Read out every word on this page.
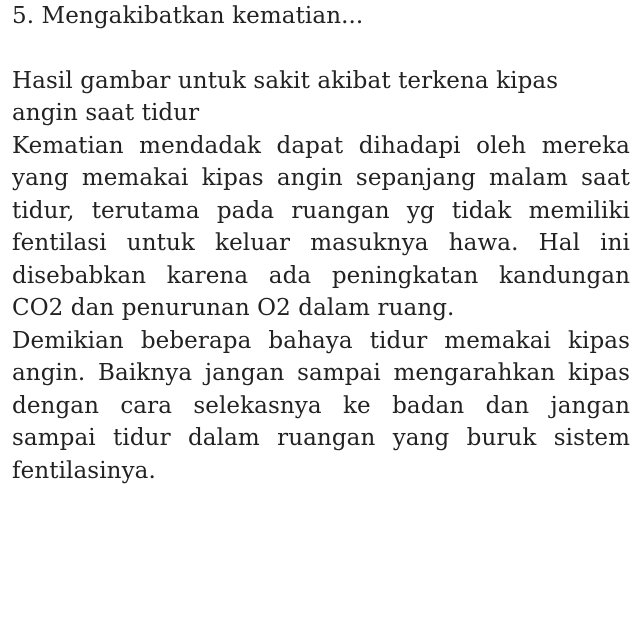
5. Mengakibatkan kematian...

Hasil gambar untuk sakit akibat terkena kipas angin saat tidur

Kematian mendadak dapat dihadapi oleh mereka yang memakai kipas angin sepanjang malam saat tidur, terutama pada ruangan yg tidak memiliki fentilasi untuk keluar masuknya hawa. Hal ini disebabkan karena ada peningkatan kandungan CO2 dan penurunan O2 dalam ruang.

Demikian beberapa bahaya tidur memakai kipas angin. Baiknya jangan sampai mengarahkan kipas dengan cara selekasnya ke badan dan jangan sampai tidur dalam ruangan yang buruk sistem fentilasinya.
